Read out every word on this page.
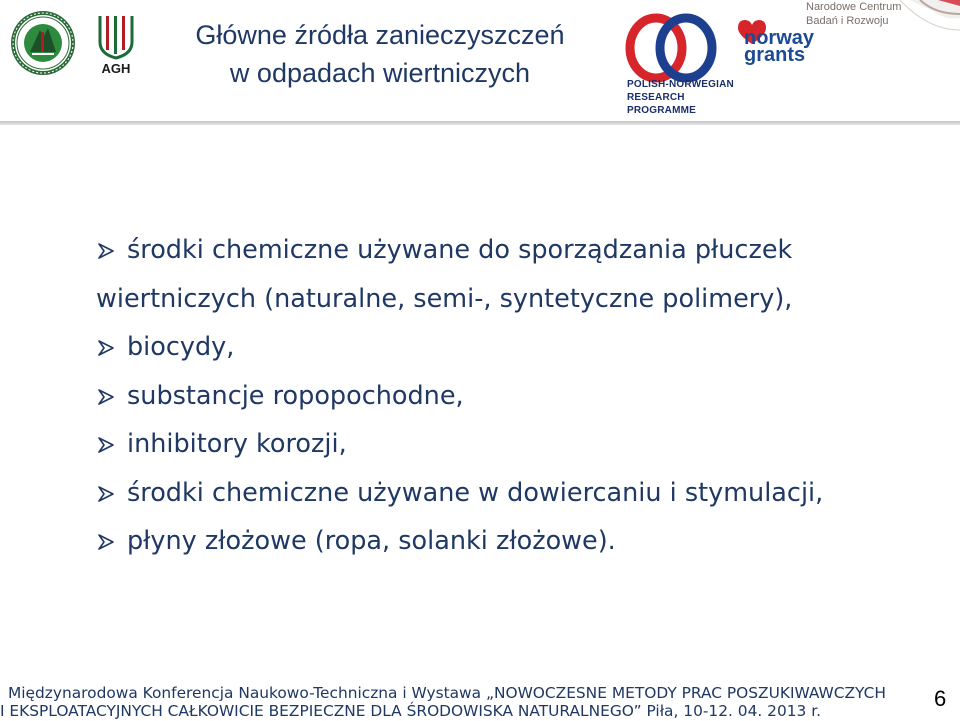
AGH
Główne źródła zanieczyszczeń
w odpadach wiertniczych	POLISH-NORWEGIAN
RESEARCH
PROGRAMME
norway
grants
Narodowe Centrum
Badań i Rozwoju
środki chemiczne używane do sporządzania płuczek
wiertniczych (naturalne, semi-, syntetyczne polimery),
biocydy,
substancje ropopochodne,
inhibitory korozji,
środki chemiczne używane w dowiercaniu i stymulacji,
płyny złożowe (ropa, solanki złożowe).
Międzynarodowa Konferencja Naukowo-Techniczna i Wystawa „NOWOCZESNE METODY PRAC POSZUKIWAWCZYCH
I EKSPLOATACYJNYCH CAŁKOWICIE BEZPIECZNE DLA ŚRODOWISKA NATURALNEGO” Piła, 10-12. 04. 2013 r.	6
